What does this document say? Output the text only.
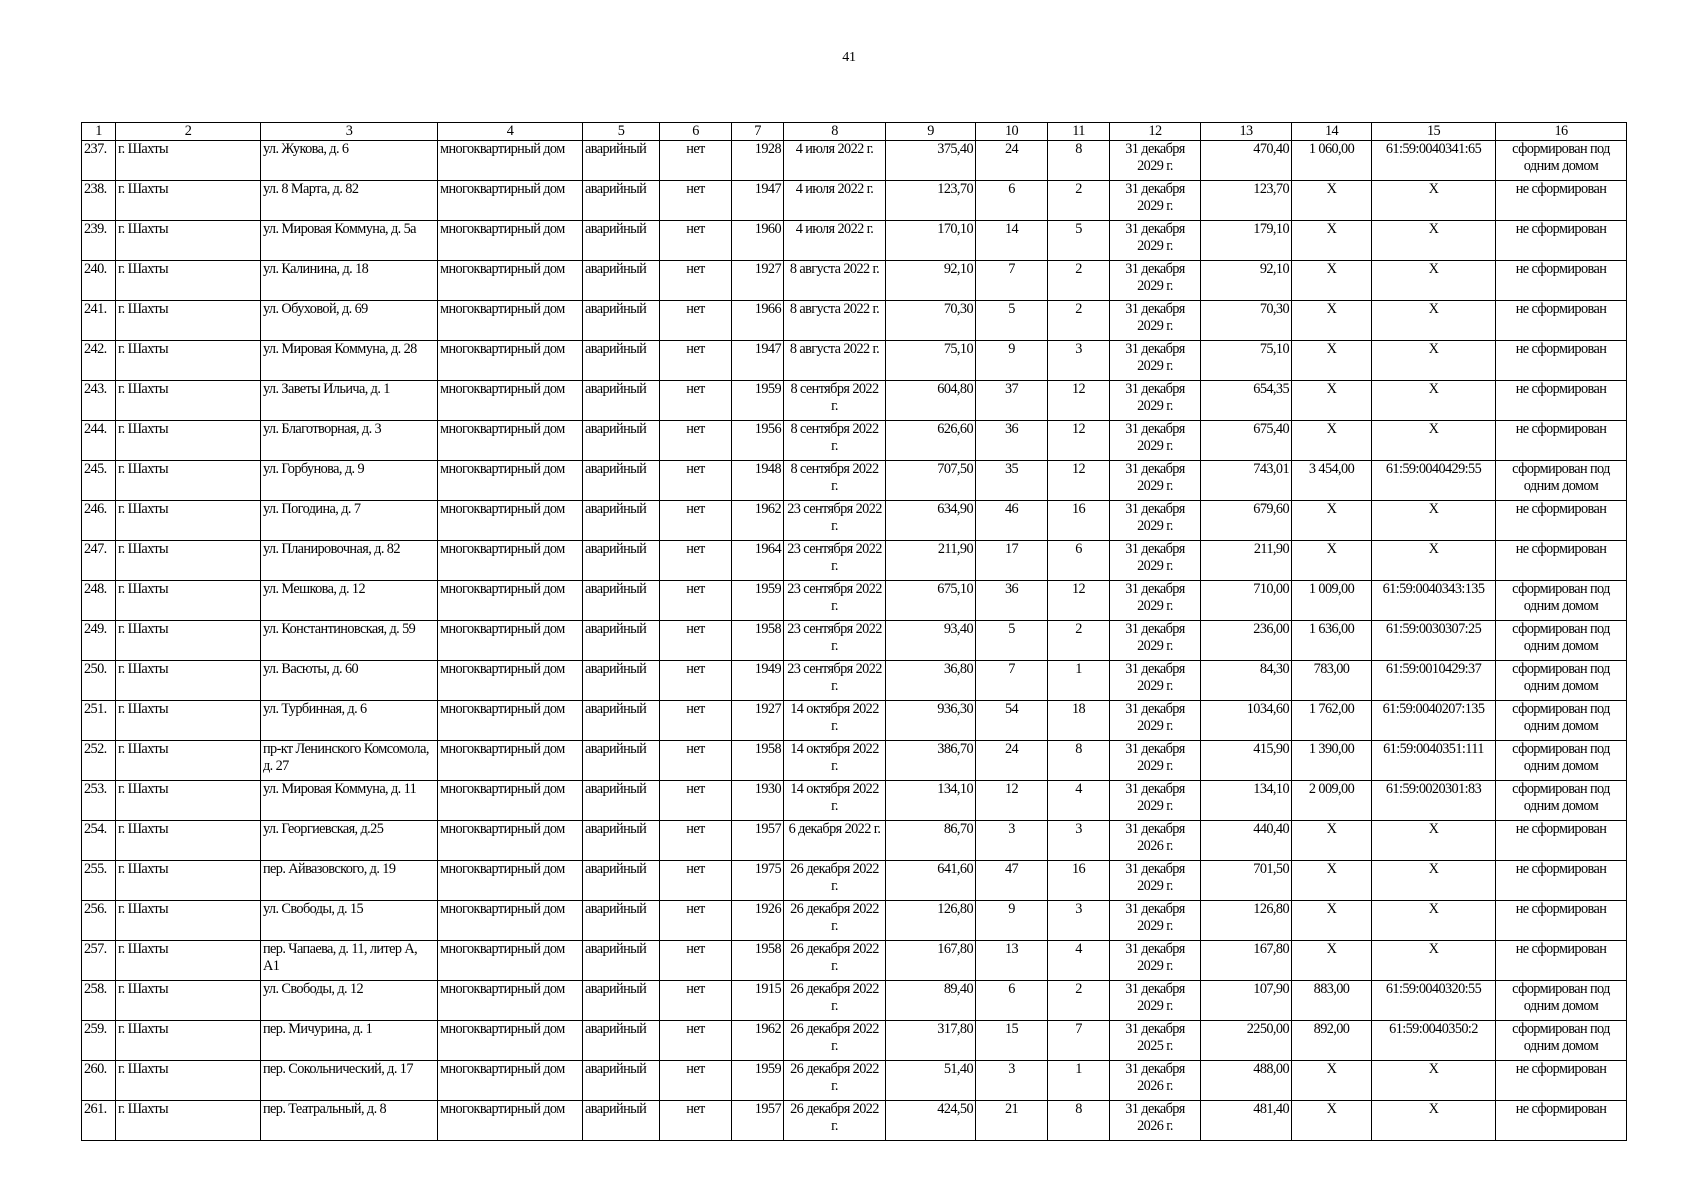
41
1	2	3	4	5	6	7	8	9	10	11	12	13	14	15	16
237.	г. Шахты	ул. Жукова, д. 6	многоквартирный дом	аварийный	нет	1928	4 июля 2022 г.	375,40	24	8	31 декабря 2029 г.	470,40	1 060,00	61:59:0040341:65	сформирован под одним домом
238.	г. Шахты	ул. 8 Марта, д. 82	многоквартирный дом	аварийный	нет	1947	4 июля 2022 г.	123,70	6	2	31 декабря 2029 г.	123,70	Х	Х	не сформирован
239.	г. Шахты	ул. Мировая Коммуна, д. 5а	многоквартирный дом	аварийный	нет	1960	4 июля 2022 г.	170,10	14	5	31 декабря 2029 г.	179,10	Х	Х	не сформирован
240.	г. Шахты	ул. Калинина, д. 18	многоквартирный дом	аварийный	нет	1927	8 августа 2022 г.	92,10	7	2	31 декабря 2029 г.	92,10	Х	Х	не сформирован
241.	г. Шахты	ул. Обуховой, д. 69	многоквартирный дом	аварийный	нет	1966	8 августа 2022 г.	70,30	5	2	31 декабря 2029 г.	70,30	Х	Х	не сформирован
242.	г. Шахты	ул. Мировая Коммуна, д. 28	многоквартирный дом	аварийный	нет	1947	8 августа 2022 г.	75,10	9	3	31 декабря 2029 г.	75,10	Х	Х	не сформирован
243.	г. Шахты	ул. Заветы Ильича, д. 1	многоквартирный дом	аварийный	нет	1959	8 сентября 2022 г.	604,80	37	12	31 декабря 2029 г.	654,35	Х	Х	не сформирован
244.	г. Шахты	ул. Благотворная, д. 3	многоквартирный дом	аварийный	нет	1956	8 сентября 2022 г.	626,60	36	12	31 декабря 2029 г.	675,40	Х	Х	не сформирован
245.	г. Шахты	ул. Горбунова, д. 9	многоквартирный дом	аварийный	нет	1948	8 сентября 2022 г.	707,50	35	12	31 декабря 2029 г.	743,01	3 454,00	61:59:0040429:55	сформирован под одним домом
246.	г. Шахты	ул. Погодина, д. 7	многоквартирный дом	аварийный	нет	1962	23 сентября 2022 г.	634,90	46	16	31 декабря 2029 г.	679,60	Х	Х	не сформирован
247.	г. Шахты	ул. Планировочная, д. 82	многоквартирный дом	аварийный	нет	1964	23 сентября 2022 г.	211,90	17	6	31 декабря 2029 г.	211,90	Х	Х	не сформирован
248.	г. Шахты	ул. Мешкова, д. 12	многоквартирный дом	аварийный	нет	1959	23 сентября 2022 г.	675,10	36	12	31 декабря 2029 г.	710,00	1 009,00	61:59:0040343:135	сформирован под одним домом
249.	г. Шахты	ул. Константиновская, д. 59	многоквартирный дом	аварийный	нет	1958	23 сентября 2022 г.	93,40	5	2	31 декабря 2029 г.	236,00	1 636,00	61:59:0030307:25	сформирован под одним домом
250.	г. Шахты	ул. Васюты, д. 60	многоквартирный дом	аварийный	нет	1949	23 сентября 2022 г.	36,80	7	1	31 декабря 2029 г.	84,30	783,00	61:59:0010429:37	сформирован под одним домом
251.	г. Шахты	ул. Турбинная, д. 6	многоквартирный дом	аварийный	нет	1927	14 октября 2022 г.	936,30	54	18	31 декабря 2029 г.	1034,60	1 762,00	61:59:0040207:135	сформирован под одним домом
252.	г. Шахты	пр-кт Ленинского Комсомола, д. 27	многоквартирный дом	аварийный	нет	1958	14 октября 2022 г.	386,70	24	8	31 декабря 2029 г.	415,90	1 390,00	61:59:0040351:111	сформирован под одним домом
253.	г. Шахты	ул. Мировая Коммуна, д. 11	многоквартирный дом	аварийный	нет	1930	14 октября 2022 г.	134,10	12	4	31 декабря 2029 г.	134,10	2 009,00	61:59:0020301:83	сформирован под одним домом
254.	г. Шахты	ул. Георгиевская, д.25	многоквартирный дом	аварийный	нет	1957	6 декабря 2022 г.	86,70	3	3	31 декабря 2026 г.	440,40	Х	Х	не сформирован
255.	г. Шахты	пер. Айвазовского, д. 19	многоквартирный дом	аварийный	нет	1975	26 декабря 2022 г.	641,60	47	16	31 декабря 2029 г.	701,50	Х	Х	не сформирован
256.	г. Шахты	ул. Свободы, д. 15	многоквартирный дом	аварийный	нет	1926	26 декабря 2022 г.	126,80	9	3	31 декабря 2029 г.	126,80	Х	Х	не сформирован
257.	г. Шахты	пер. Чапаева, д. 11, литер А, А1	многоквартирный дом	аварийный	нет	1958	26 декабря 2022 г.	167,80	13	4	31 декабря 2029 г.	167,80	Х	Х	не сформирован
258.	г. Шахты	ул. Свободы, д. 12	многоквартирный дом	аварийный	нет	1915	26 декабря 2022 г.	89,40	6	2	31 декабря 2029 г.	107,90	883,00	61:59:0040320:55	сформирован под одним домом
259.	г. Шахты	пер. Мичурина, д. 1	многоквартирный дом	аварийный	нет	1962	26 декабря 2022 г.	317,80	15	7	31 декабря 2025 г.	2250,00	892,00	61:59:0040350:2	сформирован под одним домом
260.	г. Шахты	пер. Сокольнический, д. 17	многоквартирный дом	аварийный	нет	1959	26 декабря 2022 г.	51,40	3	1	31 декабря 2026 г.	488,00	Х	Х	не сформирован
261.	г. Шахты	пер. Театральный, д. 8	многоквартирный дом	аварийный	нет	1957	26 декабря 2022 г.	424,50	21	8	31 декабря 2026 г.	481,40	Х	Х	не сформирован
